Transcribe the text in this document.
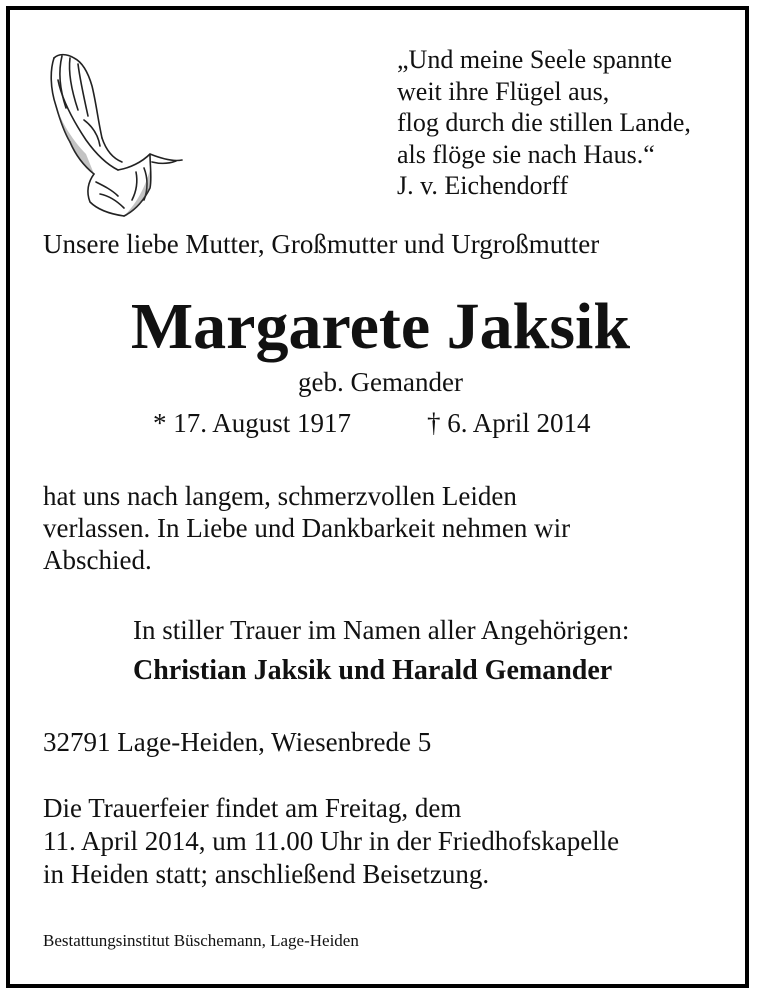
„Und meine Seele spannte
weit ihre Flügel aus,
flog durch die stillen Lande,
als flöge sie nach Haus.“
J. v. Eichendorff
Unsere liebe Mutter, Großmutter und Urgroßmutter
Margarete Jaksik
geb. Gemander
* 17. August 1917	† 6. April 2014
hat uns nach langem, schmerzvollen Leiden
verlassen. In Liebe und Dankbarkeit nehmen wir
Abschied.
In stiller Trauer im Namen aller Angehörigen:
Christian Jaksik und Harald Gemander
32791 Lage-Heiden, Wiesenbrede 5
Die Trauerfeier findet am Freitag, dem
11. April 2014, um 11.00 Uhr in der Friedhofskapelle
in Heiden statt; anschließend Beisetzung.
Bestattungsinstitut Büschemann, Lage-Heiden
